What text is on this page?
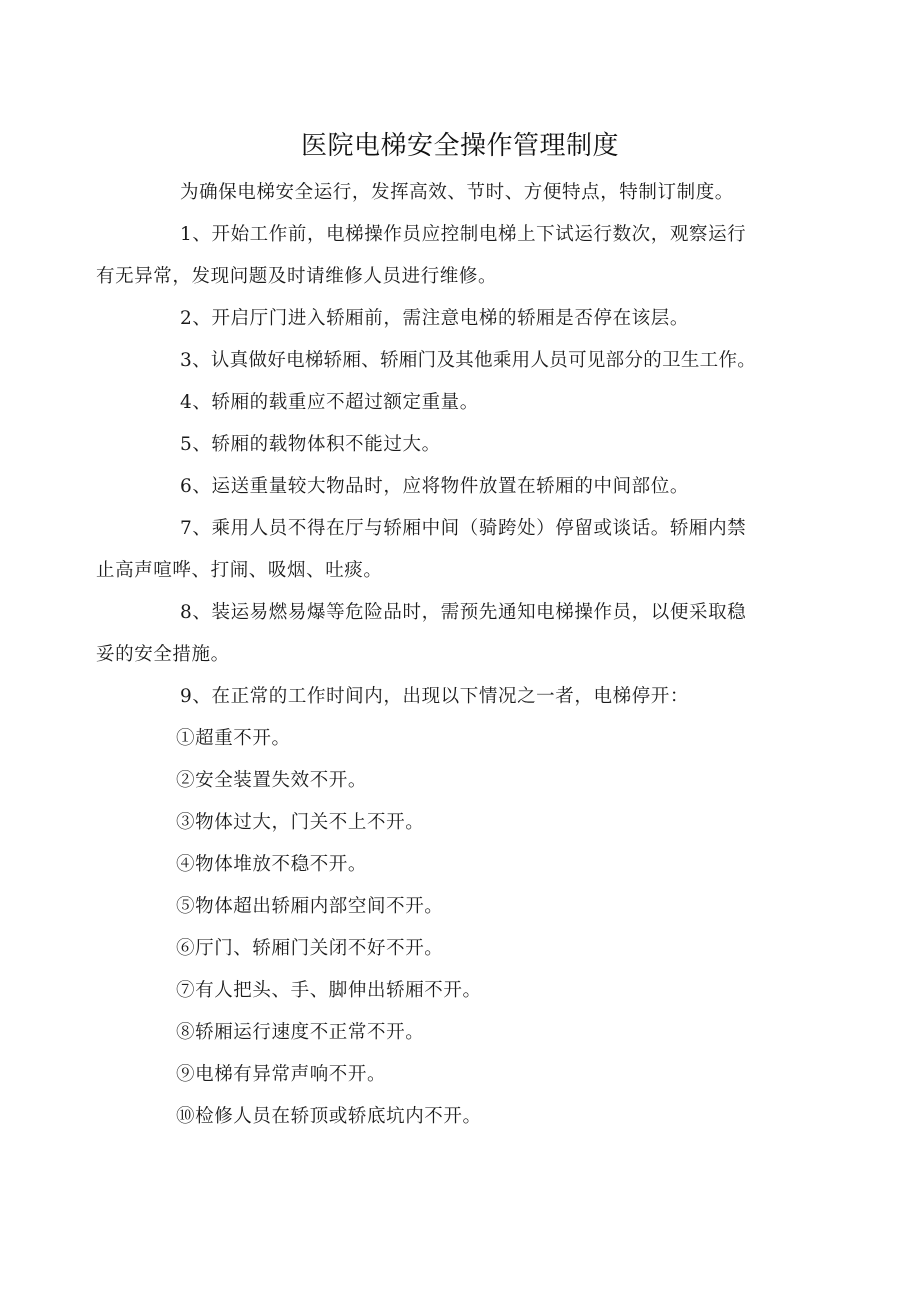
医院电梯安全操作管理制度

为确保电梯安全运行，发挥高效、节时、方便特点，特制订制度。

1、开始工作前，电梯操作员应控制电梯上下试运行数次，观察运行
有无异常，发现问题及时请维修人员进行维修。

2、开启厅门进入轿厢前，需注意电梯的轿厢是否停在该层。

3、认真做好电梯轿厢、轿厢门及其他乘用人员可见部分的卫生工作。

4、轿厢的载重应不超过额定重量。

5、轿厢的载物体积不能过大。

6、运送重量较大物品时，应将物件放置在轿厢的中间部位。

7、乘用人员不得在厅与轿厢中间（骑跨处）停留或谈话。轿厢内禁
止高声喧哗、打闹、吸烟、吐痰。

8、装运易燃易爆等危险品时，需预先通知电梯操作员，以便采取稳
妥的安全措施。

9、在正常的工作时间内，出现以下情况之一者，电梯停开：

①超重不开。

②安全装置失效不开。

③物体过大，门关不上不开。

④物体堆放不稳不开。

⑤物体超出轿厢内部空间不开。

⑥厅门、轿厢门关闭不好不开。

⑦有人把头、手、脚伸出轿厢不开。

⑧轿厢运行速度不正常不开。

⑨电梯有异常声响不开。

⑩检修人员在轿顶或轿底坑内不开。
